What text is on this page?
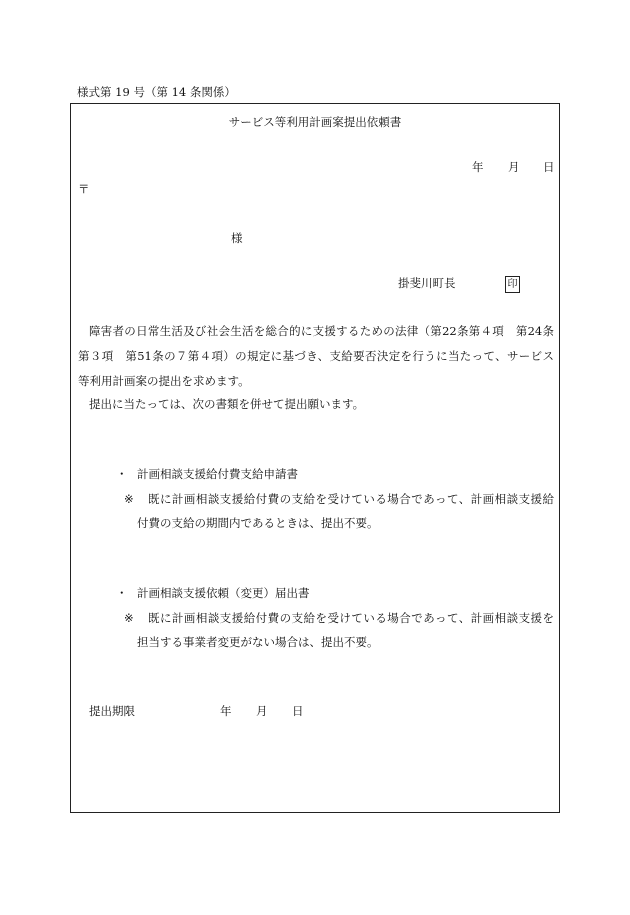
様式第 19 号（第 14 条関係）
サービス等利用計画案提出依頼書
年 月 日
〒
様
掛斐川町長	印
障害者の日常生活及び社会生活を総合的に支援するための法律（第22条第４項　第24条
第３項　第51条の７第４項）の規定に基づき、支給要否決定を行うに当たって、サービス
等利用計画案の提出を求めます。
提出に当たっては、次の書類を併せて提出願います。
・ 計画相談支援給付費支給申請書
※ 既に計画相談支援給付費の支給を受けている場合であって、計画相談支援給
付費の支給の期間内であるときは、提出不要。
・ 計画相談支援依頼（変更）届出書
※ 既に計画相談支援給付費の支給を受けている場合であって、計画相談支援を
担当する事業者変更がない場合は、提出不要。
提出期限	年 月 日
